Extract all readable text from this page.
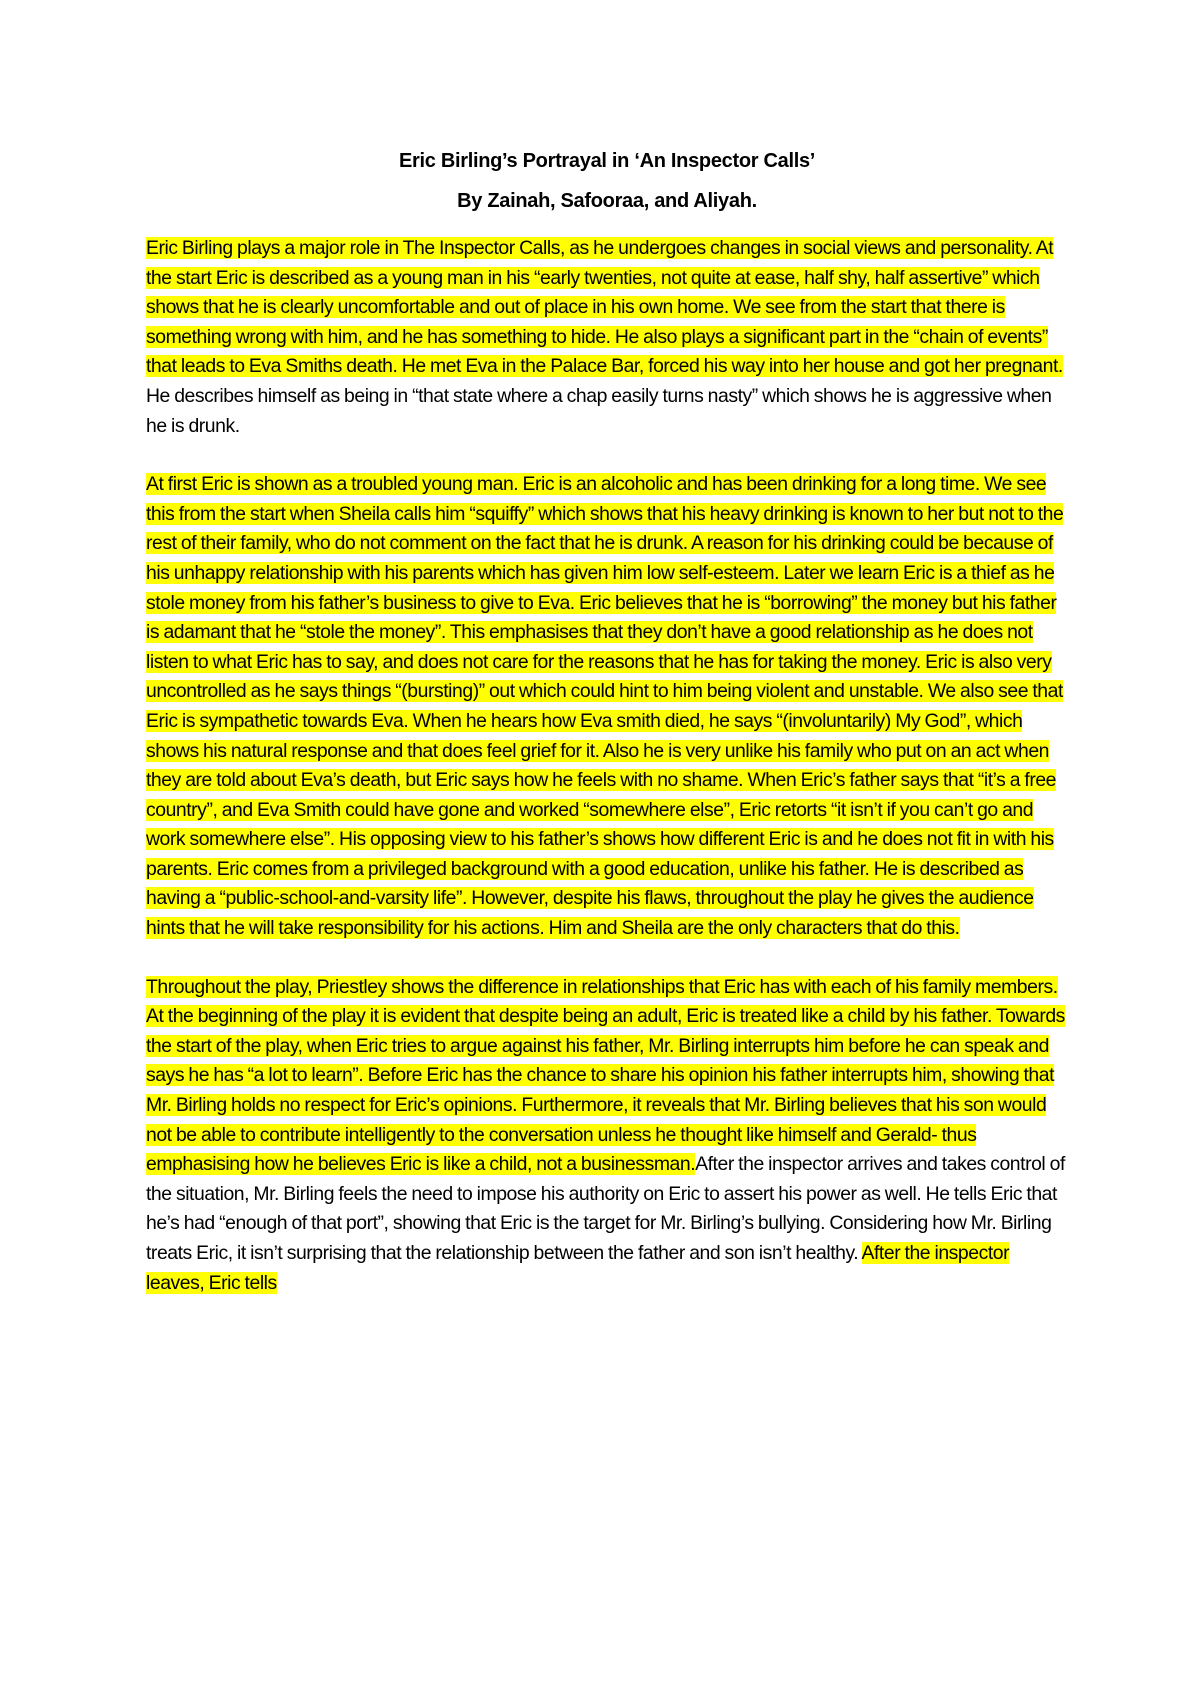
Eric Birling’s Portrayal in ‘An Inspector Calls’
By Zainah, Safooraa, and Aliyah.

Eric Birling plays a major role in The Inspector Calls, as he undergoes changes in social views and personality. At the start Eric is described as a young man in his “early twenties, not quite at ease, half shy, half assertive” which shows that he is clearly uncomfortable and out of place in his own home. We see from the start that there is something wrong with him, and he has something to hide. He also plays a significant part in the “chain of events” that leads to Eva Smiths death. He met Eva in the Palace Bar, forced his way into her house and got her pregnant. He describes himself as being in “that state where a chap easily turns nasty” which shows he is aggressive when he is drunk.

At first Eric is shown as a troubled young man. Eric is an alcoholic and has been drinking for a long time. We see this from the start when Sheila calls him “squiffy” which shows that his heavy drinking is known to her but not to the rest of their family, who do not comment on the fact that he is drunk. A reason for his drinking could be because of his unhappy relationship with his parents which has given him low self-esteem. Later we learn Eric is a thief as he stole money from his father’s business to give to Eva. Eric believes that he is “borrowing” the money but his father is adamant that he “stole the money”. This emphasises that they don’t have a good relationship as he does not listen to what Eric has to say, and does not care for the reasons that he has for taking the money. Eric is also very uncontrolled as he says things “(bursting)” out which could hint to him being violent and unstable. We also see that Eric is sympathetic towards Eva. When he hears how Eva smith died, he says “(involuntarily) My God”, which shows his natural response and that does feel grief for it. Also he is very unlike his family who put on an act when they are told about Eva’s death, but Eric says how he feels with no shame. When Eric’s father says that “it’s a free country”, and Eva Smith could have gone and worked “somewhere else”, Eric retorts “it isn’t if you can’t go and work somewhere else”. His opposing view to his father’s shows how different Eric is and he does not fit in with his parents. Eric comes from a privileged background with a good education, unlike his father. He is described as having a “public-school-and-varsity life”. However, despite his flaws, throughout the play he gives the audience hints that he will take responsibility for his actions. Him and Sheila are the only characters that do this.

Throughout the play, Priestley shows the difference in relationships that Eric has with each of his family members. At the beginning of the play it is evident that despite being an adult, Eric is treated like a child by his father. Towards the start of the play, when Eric tries to argue against his father, Mr. Birling interrupts him before he can speak and says he has “a lot to learn”. Before Eric has the chance to share his opinion his father interrupts him, showing that Mr. Birling holds no respect for Eric’s opinions. Furthermore, it reveals that Mr. Birling believes that his son would not be able to contribute intelligently to the conversation unless he thought like himself and Gerald- thus emphasising how he believes Eric is like a child, not a businessman.After the inspector arrives and takes control of the situation, Mr. Birling feels the need to impose his authority on Eric to assert his power as well. He tells Eric that he’s had “enough of that port”, showing that Eric is the target for Mr. Birling’s bullying. Considering how Mr. Birling treats Eric, it isn’t surprising that the relationship between the father and son isn’t healthy. After the inspector leaves, Eric tells
